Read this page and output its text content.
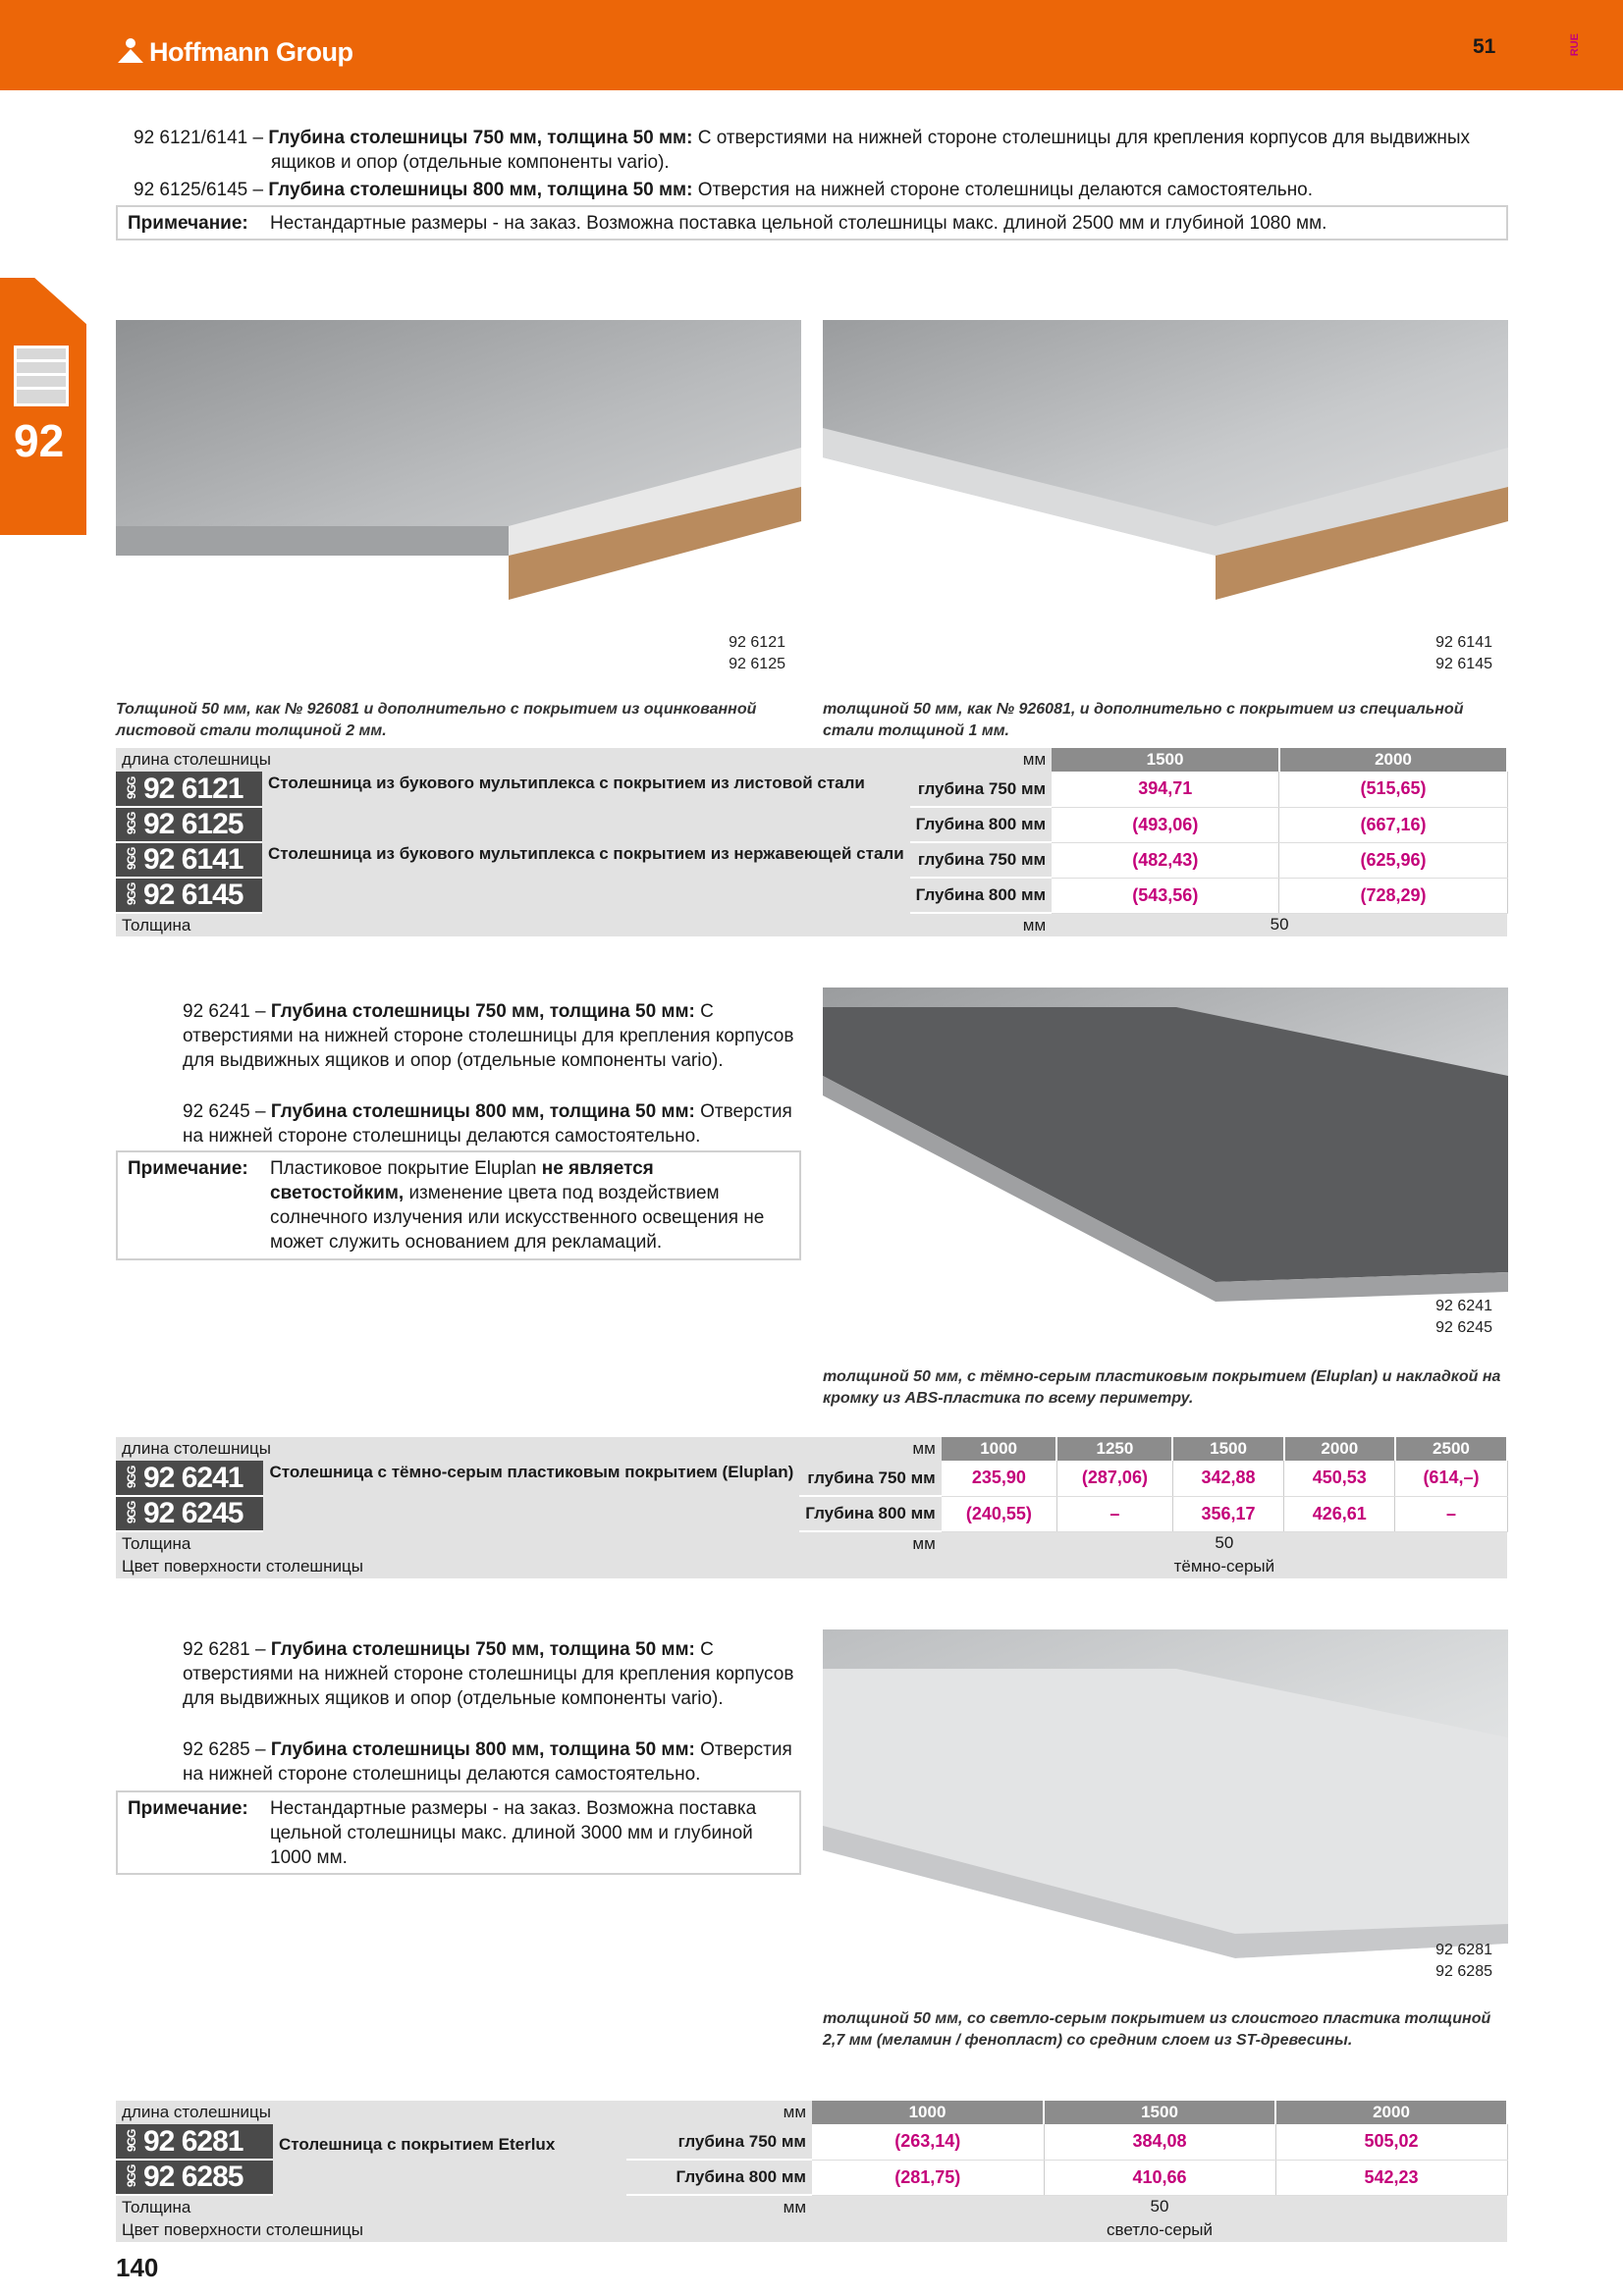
Hoffmann Group	51	RUE
92
92 6121/6141 – Глубина столешницы 750 мм, толщина 50 мм: С отверстиями на нижней стороне столешницы для крепления корпусов для выдвижных
ящиков и опор (отдельные компоненты vario).
92 6125/6145 – Глубина столешницы 800 мм, толщина 50 мм: Отверстия на нижней стороне столешницы делаются самостоятельно.
Примечание: Нестандартные размеры - на заказ. Возможна поставка цельной столешницы макс. длиной 2500 мм и глубиной 1080 мм.
92 6121
92 6125
92 6141
92 6145
Толщиной 50 мм, как № 926081 и дополнительно с покрытием из оцинкованной листовой стали толщиной 2 мм.
толщиной 50 мм, как № 926081, и дополнительно с покрытием из специальной стали толщиной 1 мм.
длина столешницы мм			1500	2000
9GG 92 6121	Столешница из букового мультиплекса с покрытием из листовой стали	глубина 750 мм	394,71	(515,65)
9GG 92 6125		Глубина 800 мм	(493,06)	(667,16)
9GG 92 6141	Столешница из букового мультиплекса с покрытием из нержавеющей стали	глубина 750 мм	(482,43)	(625,96)
9GG 92 6145		Глубина 800 мм	(543,56)	(728,29)
Толщина мм			50	
92 6241 – Глубина столешницы 750 мм, толщина 50 мм: С отверстиями на нижней стороне столешницы для крепления корпусов для выдвижных ящиков и опор (отдельные компоненты vario).
92 6245 – Глубина столешницы 800 мм, толщина 50 мм: Отверстия на нижней стороне столешницы делаются самостоятельно.
Примечание: Пластиковое покрытие Eluplan не является светостойким, изменение цвета под воздействием солнечного излучения или искусственного освещения не может служить основанием для рекламаций.
92 6241
92 6245
толщиной 50 мм, с тёмно-серым пластиковым покрытием (Eluplan) и накладкой на кромку из ABS-пластика по всему периметру.
длина столешницы мм			1000	1250	1500	2000	2500
9GG 92 6241	Столешница с тёмно-серым пластиковым покрытием (Eluplan)	глубина 750 мм	235,90	(287,06)	342,88	450,53	(614,–)
9GG 92 6245		Глубина 800 мм	(240,55)	–	356,17	426,61	–
Толщина мм			50				
Цвет поверхности столешницы			тёмно-серый				
92 6281 – Глубина столешницы 750 мм, толщина 50 мм: С отверстиями на нижней стороне столешницы для крепления корпусов для выдвижных ящиков и опор (отдельные компоненты vario).
92 6285 – Глубина столешницы 800 мм, толщина 50 мм: Отверстия на нижней стороне столешницы делаются самостоятельно.
Примечание: Нестандартные размеры - на заказ. Возможна поставка цельной столешницы макс. длиной 3000 мм и глубиной 1000 мм.
92 6281
92 6285
толщиной 50 мм, со светло-серым покрытием из слоистого пластика толщиной 2,7 мм (меламин / фенопласт) со средним слоем из ST-древесины.
длина столешницы мм			1000	1500	2000
9GG 92 6281	Столешница с покрытием Eterlux	глубина 750 мм	(263,14)	384,08	505,02
9GG 92 6285		Глубина 800 мм	(281,75)	410,66	542,23
Толщина мм			50		
Цвет поверхности столешницы			светло-серый		
140
